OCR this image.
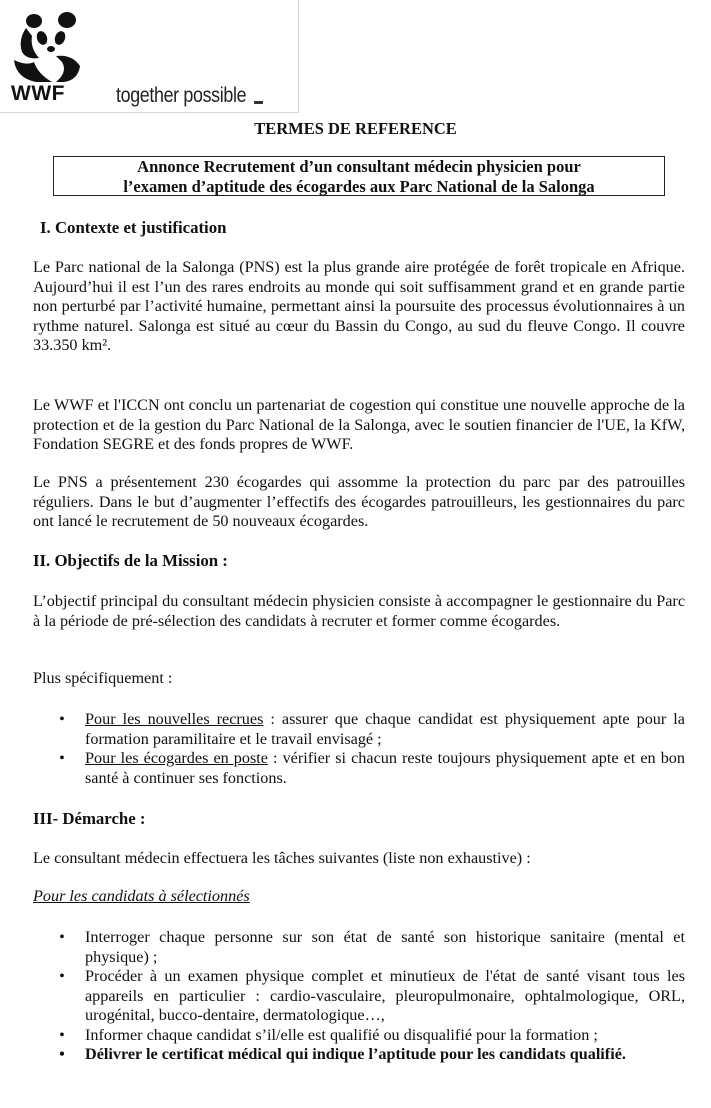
WWF together possible
TERMES DE REFERENCE
Annonce Recrutement d’un consultant médecin physicien pour
l’examen d’aptitude des écogardes aux Parc National de la Salonga
I. Contexte et justification

Le Parc national de la Salonga (PNS) est la plus grande aire protégée de forêt tropicale en Afrique. Aujourd’hui il est l’un des rares endroits au monde qui soit suffisamment grand et en grande partie non perturbé par l’activité humaine, permettant ainsi la poursuite des processus évolutionnaires à un rythme naturel. Salonga est situé au cœur du Bassin du Congo, au sud du fleuve Congo. Il couvre 33.350 km².

Le WWF et l'ICCN ont conclu un partenariat de cogestion qui constitue une nouvelle approche de la protection et de la gestion du Parc National de la Salonga, avec le soutien financier de l'UE, la KfW, Fondation SEGRE et des fonds propres de WWF.

Le PNS a présentement 230 écogardes qui assomme la protection du parc par des patrouilles réguliers. Dans le but d’augmenter l’effectifs des écogardes patrouilleurs, les gestionnaires du parc ont lancé le recrutement de 50 nouveaux écogardes.

II. Objectifs de la Mission :

L’objectif principal du consultant médecin physicien consiste à accompagner le gestionnaire du Parc à la période de pré-sélection des candidats à recruter et former comme écogardes.

Plus spécifiquement :

• Pour les nouvelles recrues : assurer que chaque candidat est physiquement apte pour la formation paramilitaire et le travail envisagé ;
• Pour les écogardes en poste : vérifier si chacun reste toujours physiquement apte et en bon santé à continuer ses fonctions.
III- Démarche :

Le consultant médecin effectuera les tâches suivantes (liste non exhaustive) :

Pour les candidats à sélectionnés
• Interroger chaque personne sur son état de santé son historique sanitaire (mental et physique) ;
• Procéder à un examen physique complet et minutieux de l'état de santé visant tous les appareils en particulier : cardio-vasculaire, pleuropulmonaire, ophtalmologique, ORL, urogénital, bucco-dentaire, dermatologique…,
• Informer chaque candidat s’il/elle est qualifié ou disqualifié pour la formation ;
• Délivrer le certificat médical qui indique l’aptitude pour les candidats qualifié.
